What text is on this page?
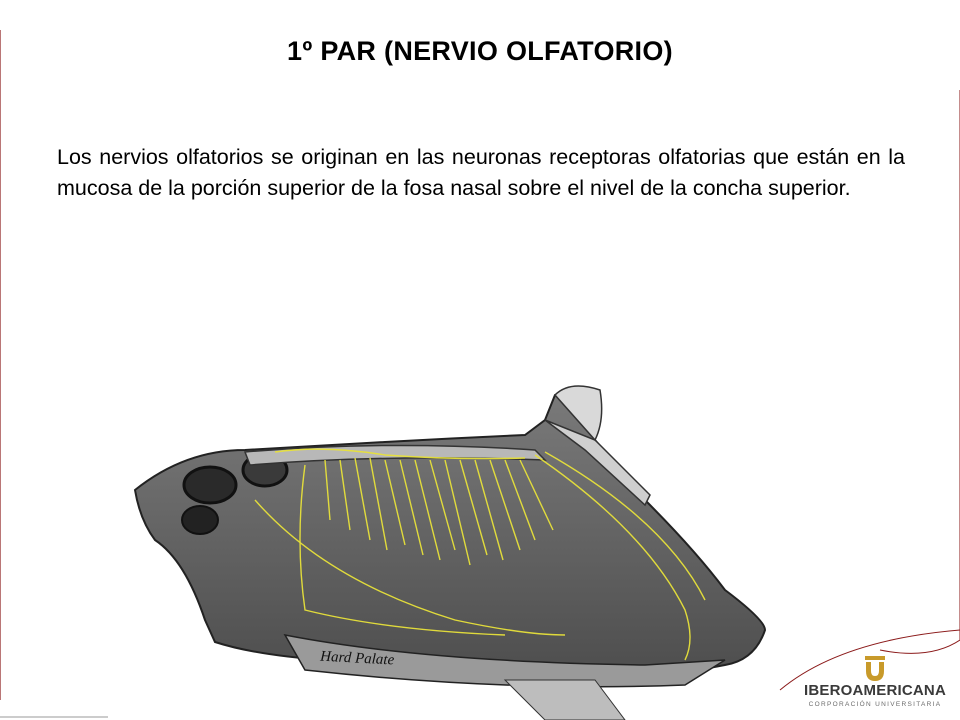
1º PAR (NERVIO OLFATORIO)
Los nervios olfatorios se originan en las neuronas receptoras olfatorias que están en la mucosa de la porción superior de la fosa nasal sobre el nivel de la concha superior.
Hard Palate
IBEROAMERICANA
CORPORACIÓN UNIVERSITARIA
